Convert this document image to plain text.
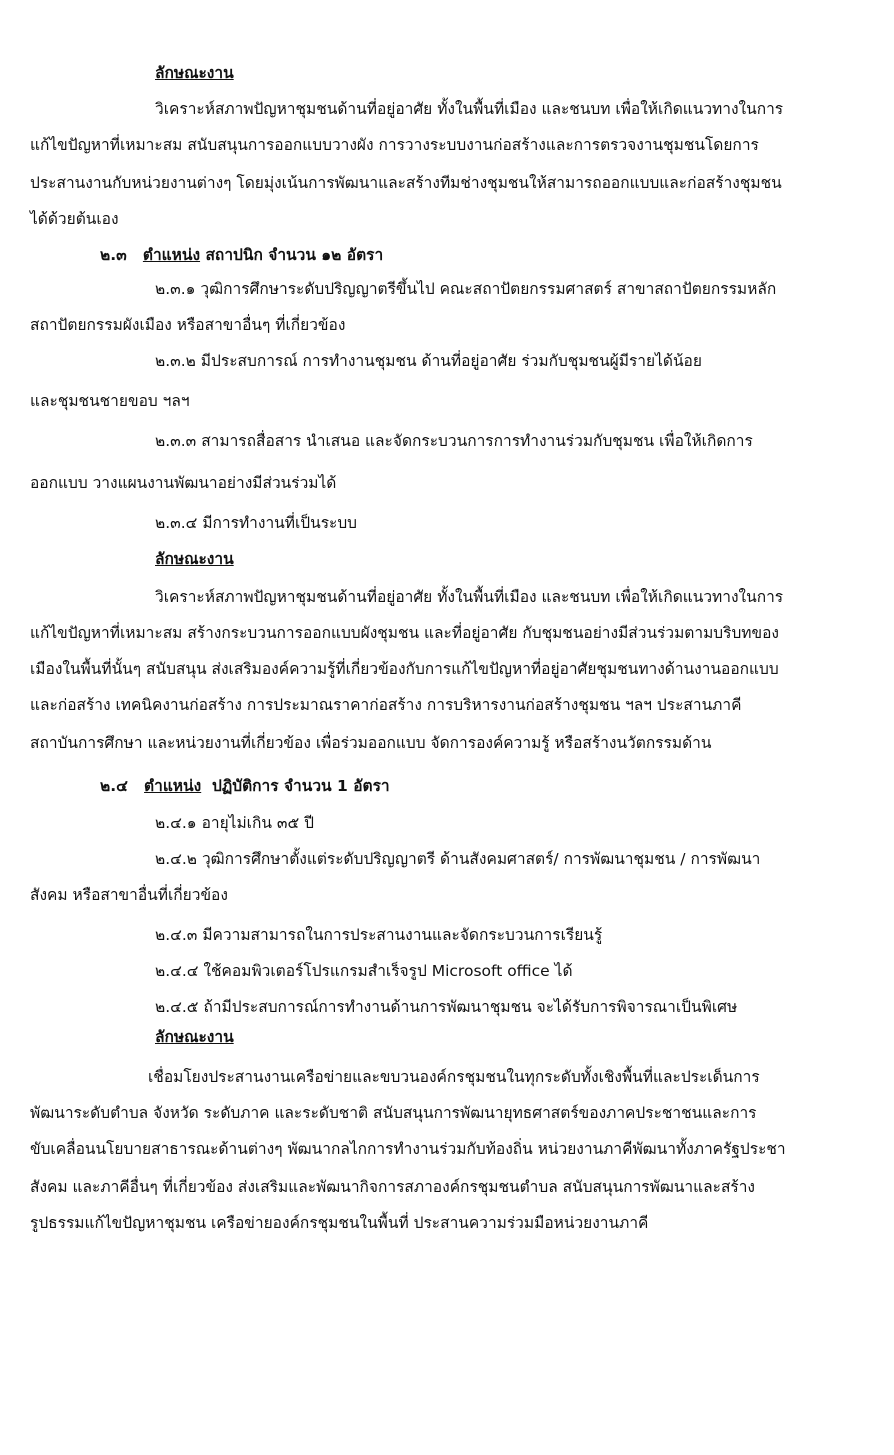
ลักษณะงาน
วิเคราะห์สภาพปัญหาชุมชนด้านที่อยู่อาศัย ทั้งในพื้นที่เมือง และชนบท เพื่อให้เกิดแนวทางในการ
แก้ไขปัญหาที่เหมาะสม สนับสนุนการออกแบบวางผัง การวางระบบงานก่อสร้างและการตรวจงานชุมชนโดยการ
ประสานงานกับหน่วยงานต่างๆ โดยมุ่งเน้นการพัฒนาและสร้างทีมช่างชุมชนให้สามารถออกแบบและก่อสร้างชุมชน
ได้ด้วยต้นเอง
๒.๓ ตำแหน่ง สถาปนิก จำนวน ๑๒ อัตรา
๒.๓.๑ วุฒิการศึกษาระดับปริญญาตรีขึ้นไป คณะสถาปัตยกรรมศาสตร์ สาขาสถาปัตยกรรมหลัก
สถาปัตยกรรมผังเมือง หรือสาขาอื่นๆ ที่เกี่ยวข้อง
๒.๓.๒ มีประสบการณ์ การทำงานชุมชน ด้านที่อยู่อาศัย ร่วมกับชุมชนผู้มีรายได้น้อย
และชุมชนชายขอบ ฯลฯ
๒.๓.๓ สามารถสื่อสาร นำเสนอ และจัดกระบวนการการทำงานร่วมกับชุมชน เพื่อให้เกิดการ
ออกแบบ วางแผนงานพัฒนาอย่างมีส่วนร่วมได้
๒.๓.๔ มีการทำงานที่เป็นระบบ
ลักษณะงาน
วิเคราะห์สภาพปัญหาชุมชนด้านที่อยู่อาศัย ทั้งในพื้นที่เมือง และชนบท เพื่อให้เกิดแนวทางในการ
แก้ไขปัญหาที่เหมาะสม สร้างกระบวนการออกแบบผังชุมชน และที่อยู่อาศัย กับชุมชนอย่างมีส่วนร่วมตามบริบทของ
เมืองในพื้นที่นั้นๆ สนับสนุน ส่งเสริมองค์ความรู้ที่เกี่ยวข้องกับการแก้ไขปัญหาที่อยู่อาศัยชุมชนทางด้านงานออกแบบ
และก่อสร้าง เทคนิคงานก่อสร้าง การประมาณราคาก่อสร้าง การบริหารงานก่อสร้างชุมชน ฯลฯ ประสานภาคี
สถาบันการศึกษา และหน่วยงานที่เกี่ยวข้อง เพื่อร่วมออกแบบ จัดการองค์ความรู้ หรือสร้างนวัตกรรมด้าน
๒.๔ ตำแหน่ง ปฏิบัติการ จำนวน 1 อัตรา
๒.๔.๑ อายุไม่เกิน ๓๕ ปี
๒.๔.๒ วุฒิการศึกษาตั้งแต่ระดับปริญญาตรี ด้านสังคมศาสตร์/ การพัฒนาชุมชน / การพัฒนา
สังคม หรือสาขาอื่นที่เกี่ยวข้อง
๒.๔.๓ มีความสามารถในการประสานงานและจัดกระบวนการเรียนรู้
๒.๔.๔ ใช้คอมพิวเตอร์โปรแกรมสำเร็จรูป Microsoft office ได้
๒.๔.๕ ถ้ามีประสบการณ์การทำงานด้านการพัฒนาชุมชน จะได้รับการพิจารณาเป็นพิเศษ
ลักษณะงาน
เชื่อมโยงประสานงานเครือข่ายและขบวนองค์กรชุมชนในทุกระดับทั้งเชิงพื้นที่และประเด็นการ
พัฒนาระดับตำบล จังหวัด ระดับภาค และระดับชาติ สนับสนุนการพัฒนายุทธศาสตร์ของภาคประชาชนและการ
ขับเคลื่อนนโยบายสาธารณะด้านต่างๆ พัฒนากลไกการทำงานร่วมกับท้องถิ่น หน่วยงานภาคีพัฒนาทั้งภาครัฐประชา
สังคม และภาคีอื่นๆ ที่เกี่ยวข้อง ส่งเสริมและพัฒนากิจการสภาองค์กรชุมชนตำบล สนับสนุนการพัฒนาและสร้าง
รูปธรรมแก้ไขปัญหาชุมชน เครือข่ายองค์กรชุมชนในพื้นที่ ประสานความร่วมมือหน่วยงานภาคี
